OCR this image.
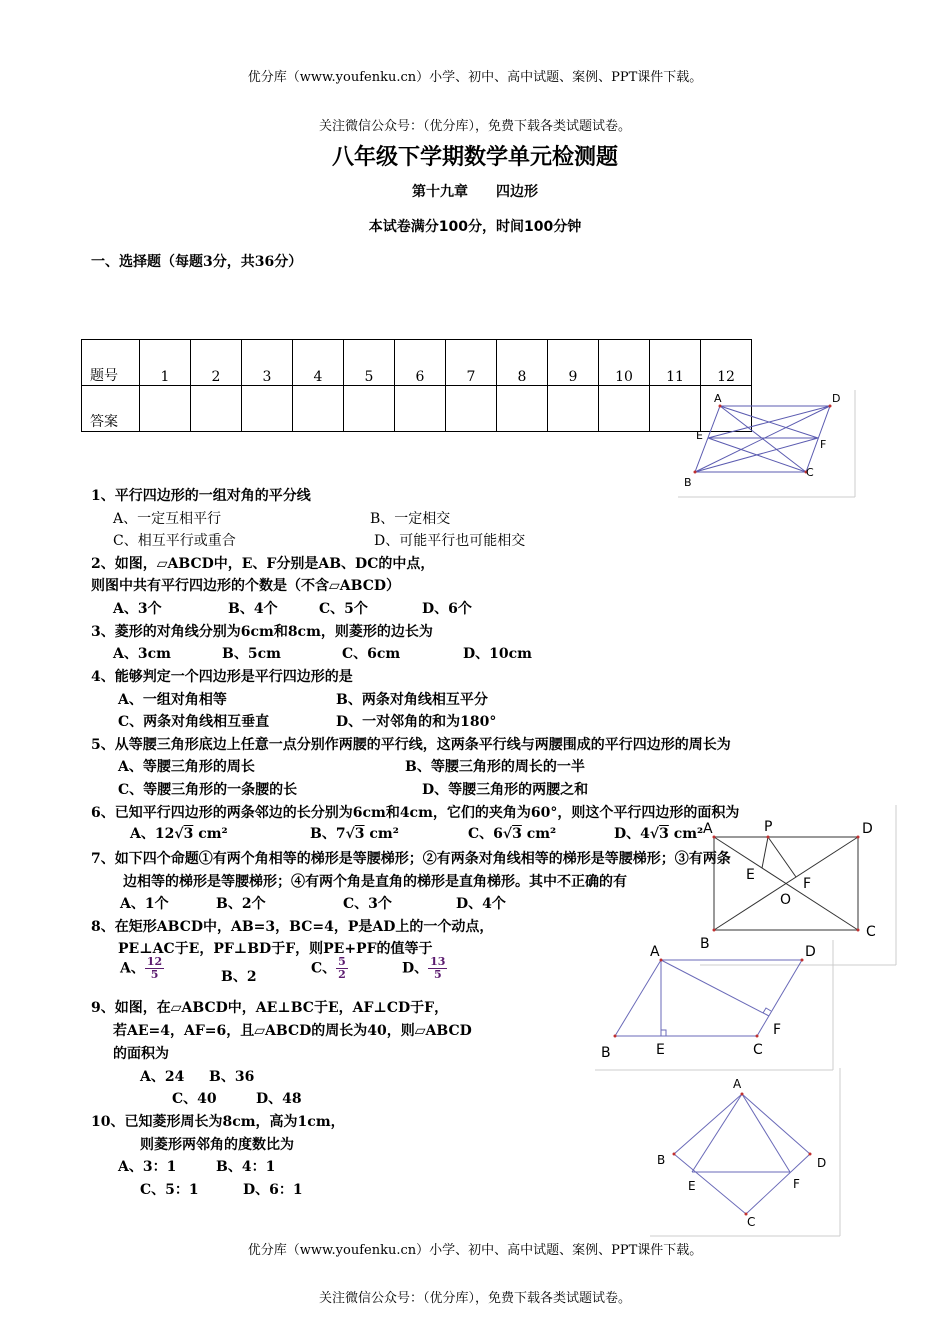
优分库（www.youfenku.cn）小学、初中、高中试题、案例、PPT课件下载。
关注微信公众号：（优分库），免费下载各类试题试卷。
八年级下学期数学单元检测题
第十九章　　四边形
本试卷满分100分，时间100分钟
一、选择题（每题3分，共36分）
题号	1	2	3	4	5	6	7	8	9	10	11	12
答案												
A	D
E
F
B
C
1、平行四边形的一组对角的平分线
A、一定互相平行	B、一定相交
C、相互平行或重合	D、可能平行也可能相交
2、如图，▱ABCD中，E、F分别是AB、DC的中点，
则图中共有平行四边形的个数是（不含▱ABCD）
A、3个	B、4个	C、5个	D、6个
3、菱形的对角线分别为6cm和8cm，则菱形的边长为
A、3cm	B、5cm	C、6cm	D、10cm
4、能够判定一个四边形是平行四边形的是
A、一组对角相等	B、两条对角线相互平分
C、两条对角线相互垂直	D、一对邻角的和为180°
5、从等腰三角形底边上任意一点分别作两腰的平行线，这两条平行线与两腰围成的平行四边形的周长为
A、等腰三角形的周长	B、等腰三角形的周长的一半
C、等腰三角形的一条腰的长	D、等腰三角形的两腰之和
6、已知平行四边形的两条邻边的长分别为6cm和4cm，它们的夹角为60°，则这个平行四边形的面积为
A、12√3 cm²	B、7√3 cm²	C、6√3 cm²	D、4√3 cm²
7、如下四个命题①有两个角相等的梯形是等腰梯形；②有两条对角线相等的梯形是等腰梯形；③有两条
边相等的梯形是等腰梯形；④有两个角是直角的梯形是直角梯形。其中不正确的有
A、1个	B、2个	C、3个	D、4个
8、在矩形ABCD中，AB=3，BC=4，P是AD上的一个动点，
PE⊥AC于E，PF⊥BD于F，则PE+PF的值等于
A、 $\frac{12}{5}$	B、2
C、 $\frac{5}{2}$	D、 $\frac{13}{5}$
9、如图，在▱ABCD中，AE⊥BC于E，AF⊥CD于F，
若AE=4，AF=6，且▱ABCD的周长为40，则▱ABCD
的面积为
A、24 B、36
C、40	D、48
10、已知菱形周长为8cm，高为1cm，
则菱形两邻角的度数比为
A、3：1	B、4：1
C、5：1	D、6：1
A	P	D
E
F
O
B
C
A	D
F
B	E	C
A
B	D
E	F
C
优分库（www.youfenku.cn）小学、初中、高中试题、案例、PPT课件下载。
关注微信公众号：（优分库），免费下载各类试题试卷。
